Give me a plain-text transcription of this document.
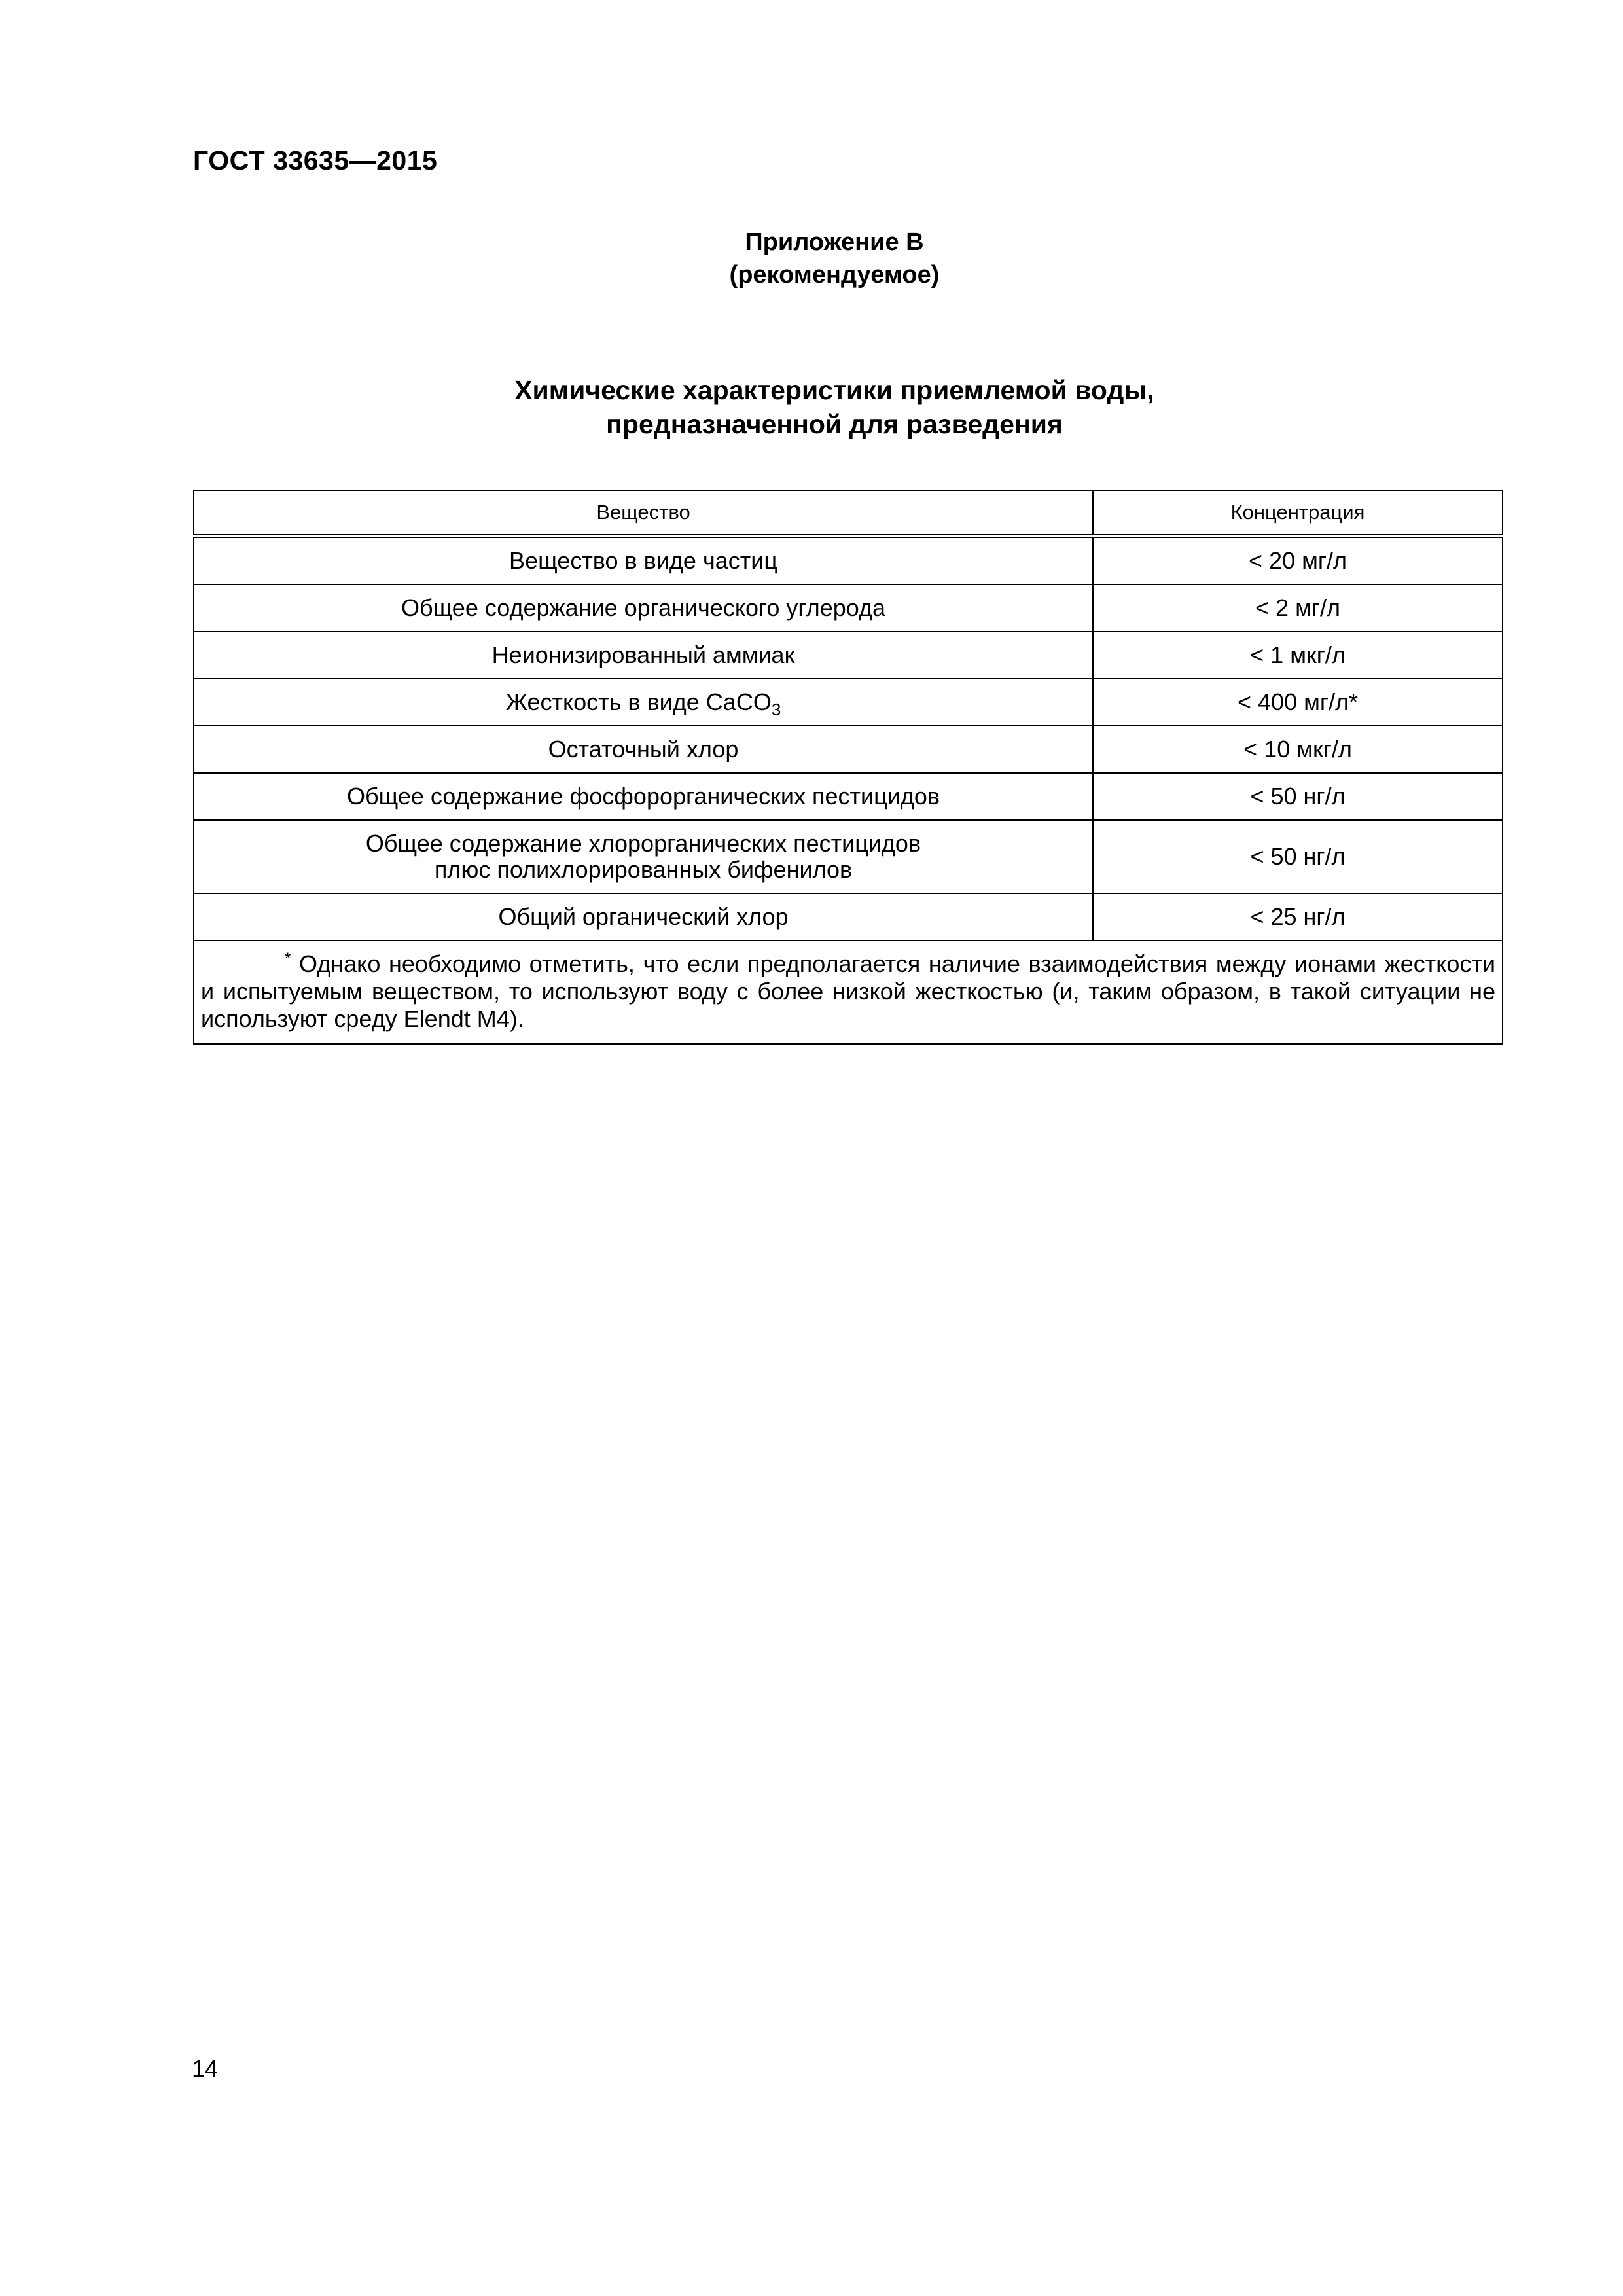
ГОСТ 33635—2015
Приложение В
(рекомендуемое)
Химические характеристики приемлемой воды,
предназначенной для разведения
Вещество	Концентрация
Вещество в виде частиц	< 20 мг/л
Общее содержание органического углерода	< 2 мг/л
Неионизированный аммиак	< 1 мкг/л
Жесткость в виде CaCO$_3$	< 400 мг/л*
Остаточный хлор	< 10 мкг/л
Общее содержание фосфорорганических пестицидов	< 50 нг/л

Общее содержание хлорорганических пестицидов
плюс полихлорированных бифенилов	< 50 нг/л
Общий органический хлор	< 25 нг/л
* Однако необходимо отметить, что если предполагается наличие взаимодействия между ионами жесткости и испытуемым веществом, то используют воду с более низкой жесткостью (и, таким образом, в такой ситуации не используют среду Elendt M4).	
14
